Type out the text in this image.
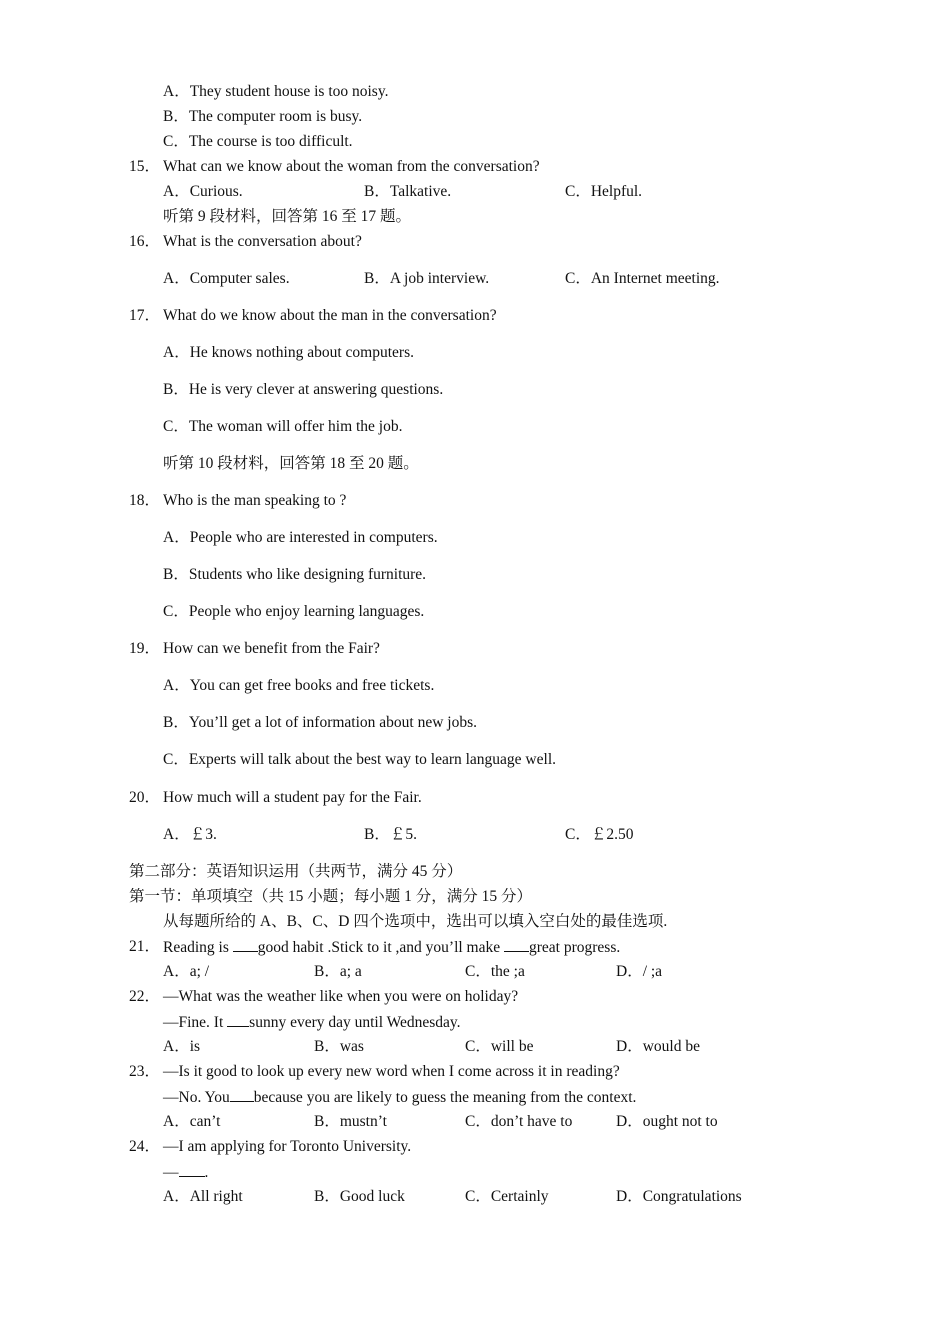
A．They student house is too noisy.
B．The computer room is busy.
C．The course is too difficult.
15． What can we know about the woman from the conversation?
A．Curious.	B．Talkative.	C．Helpful.
听第 9 段材料，回答第 16 至 17 题。
16． What is the conversation about?
A．Computer sales.	B．A job interview.	C．An Internet meeting.
17． What do we know about the man in the conversation?
A．He knows nothing about computers.
B．He is very clever at answering questions.
C．The woman will offer him the job.
听第 10 段材料，回答第 18 至 20 题。
18． Who is the man speaking to ?
A．People who are interested in computers.
B．Students who like designing furniture.
C．People who enjoy learning languages.
19． How can we benefit from the Fair?
A．You can get free books and free tickets.
B．You’ll get a lot of information about new jobs.
C．Experts will talk about the best way to learn language well.
20． How much will a student pay for the Fair.
A．￡3.	B．￡5.	C．￡2.50
第二部分：英语知识运用（共两节，满分 45 分）
第一节：单项填空（共 15 小题；每小题 1 分，满分 15 分）
从每题所给的 A、B、C、D 四个选项中，选出可以填入空白处的最佳选项.
21． Reading is good habit .Stick to it ,and you’ll make great progress.
A．a; /	B．a; a	C．the ;a	D．/ ;a
22． —What was the weather like when you were on holiday?
—Fine. It sunny every day until Wednesday.
A．is	B．was	C．will be	D．would be
23． —Is it good to look up every new word when I come across it in reading?
—No. You because you are likely to guess the meaning from the context.
A．can’t	B．mustn’t	C．don’t have to	D．ought not to
24． —I am applying for Toronto University.
— .
A．All right	B．Good luck	C．Certainly	D．Congratulations
